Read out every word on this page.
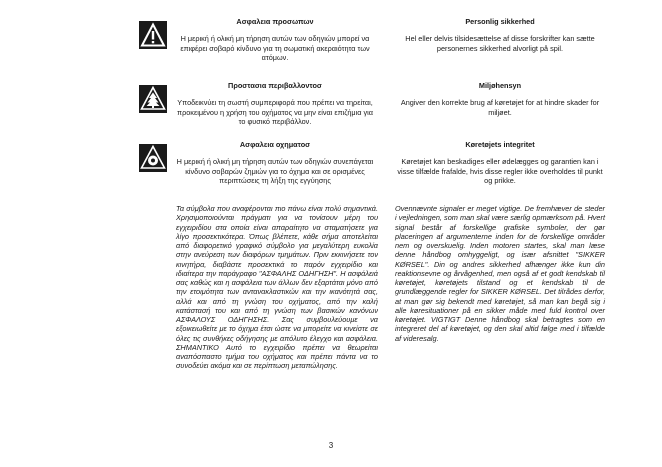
Ασφαλεια προσωπων
Η μερική ή ολική μη τήρηση αυτών των οδηγιών μπορεί να επιφέρει σοβαρό κίνδυνο για τη σωματική ακεραιότητα των ατόμων.
Personlig sikkerhed
Hel eller delvis tilsidesættelse af disse forskrifter kan sætte personernes sikkerhed alvorligt på spil.
Προστασια περιβαλλοντοσ
Υποδεικνύει τη σωστή συμπεριφορά που πρέπει να τηρείται, προκειμένου η χρήση του οχήματος να μην είναι επιζήμια για το φυσικό περιβάλλον.
Miljøhensyn
Angiver den korrekte brug af køretøjet for at hindre skader for miljøet.
Ασφαλεια οχηματοσ
Η μερική ή ολική μη τήρηση αυτών των οδηγιών συνεπάγεται κίνδυνο σοβαρών ζημιών για το όχημα και σε ορισμένες περιπτώσεις τη λήξη της εγγύησης
Køretøjets integritet
Køretøjet kan beskadiges eller ødelægges og garantien kan i visse tilfælde frafalde, hvis disse regler ikke overholdes til punkt og prikke.
Τα σύμβολα που αναφέρονται πιο πάνω είναι πολύ σημαντικά. Χρησιμοποιούνται πράγματι για να τονίσουν μέρη του εγχειριδίου στα οποία είναι απαραίτητο να σταματήσετε για λίγο προσεκτικότερα. Όπως βλέπετε, κάθε σήμα αποτελείται από διαφορετικό γραφικό σύμβολο για μεγαλύτερη ευκολία στην ανεύρεση των διαφόρων τμημάτων. Πριν εκκινήσετε τον κινητήρα, διαβάστε προσεκτικά το παρόν εγχειρίδιο και ιδιαίτερα την παράγραφο "ΑΣΦΑΛΗΣ ΟΔΗΓΗΣΗ". Η ασφάλειά σας καθώς και η ασφάλεια των άλλων δεν εξαρτάται μόνο από την ετοιμότητα των αντανακλαστικών και την ικανότητά σας, αλλά και από τη γνώση του οχήματος, από την καλή κατάστασή του και από τη γνώση των βασικών κανόνων ΑΣΦΑΛΟΥΣ ΟΔΗΓΗΣΗΣ. Σας συμβουλεύουμε να εξοικειωθείτε με το όχημα έτσι ώστε να μπορείτε να κινείστε σε όλες τις συνθήκες οδήγησης με απόλυτο έλεγχο και ασφάλεια. ΣΗΜΑΝΤΙΚΟ Αυτό το εγχειρίδιο πρέπει να θεωρείται αναπόσπαστο τμήμα του οχήματος και πρέπει πάντα να το συνοδεύει ακόμα και σε περίπτωση μεταπώλησης.
Ovennævnte signaler er meget vigtige. De fremhæver de steder i vejledningen, som man skal være særlig opmærksom på. Hvert signal består af forskellige grafiske symboler, der gør placeringen af argumenterne inden for de forskellige områder nem og overskuelig. Inden motoren startes, skal man læse denne håndbog omhyggeligt, og især afsnittet "SIKKER KØRSEL". Din og andres sikkerhed afhænger ikke kun din reaktionsevne og årvågenhed, men også af et godt kendskab til køretøjet, køretøjets tilstand og et kendskab til de grundlæggende regler for SIKKER KØRSEL. Det tilrådes derfor, at man gør sig bekendt med køretøjet, så man kan begå sig i alle køresituationer på en sikker måde med fuld kontrol over køretøjet. VIGTIGT Denne håndbog skal betragtes som en integreret del af køretøjet, og den skal altid følge med i tilfælde af videresalg.
3
